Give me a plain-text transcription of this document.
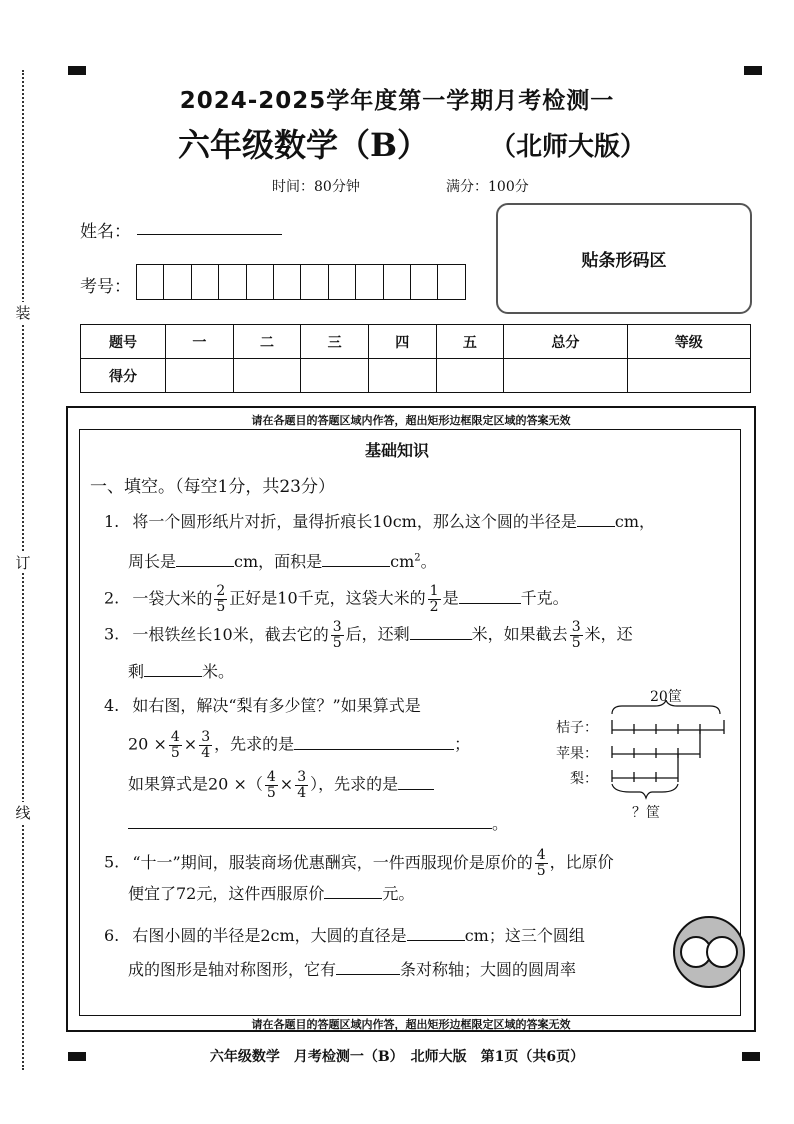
装
订
线
2024-2025学年度第一学期月考检测一
六年级数学（B） （北师大版）
时间：80分钟	满分：100分
姓名：
考号：
贴条形码区
题号	一	二	三	四	五	总分	等级
得分							
请在各题目的答题区域内作答，超出矩形边框限定区域的答案无效
请在各题目的答题区域内作答，超出矩形边框限定区域的答案无效
基础知识
一、填空。（每空1分，共23分）
1. 将一个圆形纸片对折，量得折痕长10cm，那么这个圆的半径是 cm，
周长是	cm，面积是	$cm^2$。
2. 一袋大米的 $\frac{2}{5}$ 正好是10千克，这袋大米的 $\frac{1}{2}$ 是	千克。
3. 一根铁丝长10米，截去它的 $\frac{3}{5}$ 后，还剩	米，如果截去 $\frac{3}{5}$ 米，还
剩	米。
4. 如右图，解决“梨有多少筐？”如果算式是
$20 \times \frac{4}{5} \times \frac{3}{4}$ ，先求的是	；
如果算式是20 ×（ $\frac{4}{5} \times \frac{3}{4}$ ），先求的是
。
20筐
桔子：
苹果：
梨：
？筐
5. “十一”期间，服装商场优惠酬宾，一件西服现价是原价的 $\frac{4}{5}$ ，比原价
便宜了72元，这件西服原价	元。
6. 右图小圆的半径是2cm，大圆的直径是	cm；这三个圆组
成的图形是轴对称图形，它有	条对称轴；大圆的圆周率
六年级数学　月考检测一（B）　北师大版　第1页（共6页）
